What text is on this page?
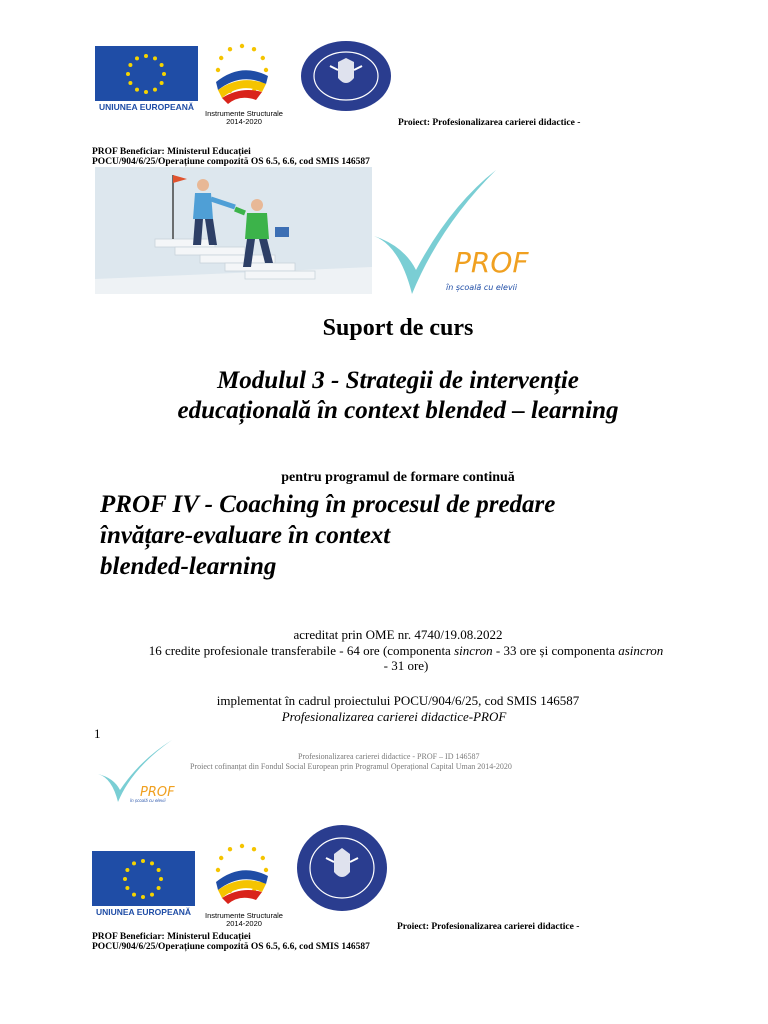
UNIUNEA EUROPEANĂ
Instrumente Structurale
2014-2020	Proiect: Profesionalizarea carierei didactice -
PROF Beneficiar: Ministerul Educației
POCU/904/6/25/Operațiune compozită OS 6.5, 6.6, cod SMIS 146587
PROF
în școală cu elevii
Suport de curs
Modulul 3 - Strategii de intervenție
educațională în context blended – learning
pentru programul de formare continuă
PROF IV - Coaching în procesul de predare
învățare-evaluare în context
blended-learning
acreditat prin OME nr. 4740/19.08.2022
16 credite profesionale transferabile - 64 ore (componenta sincron - 33 ore și componenta asincron
- 31 ore)
implementat în cadrul proiectului POCU/904/6/25, cod SMIS 146587
Profesionalizarea carierei didactice-PROF
1
PROF
în școală cu elevii
Profesionalizarea carierei didactice - PROF – ID 146587
Proiect cofinanțat din Fondul Social European prin Programul Operațional Capital Uman 2014-2020
UNIUNEA EUROPEANĂ	Instrumente Structurale
2014-2020	Proiect: Profesionalizarea carierei didactice -
PROF Beneficiar: Ministerul Educației
POCU/904/6/25/Operațiune compozită OS 6.5, 6.6, cod SMIS 146587
